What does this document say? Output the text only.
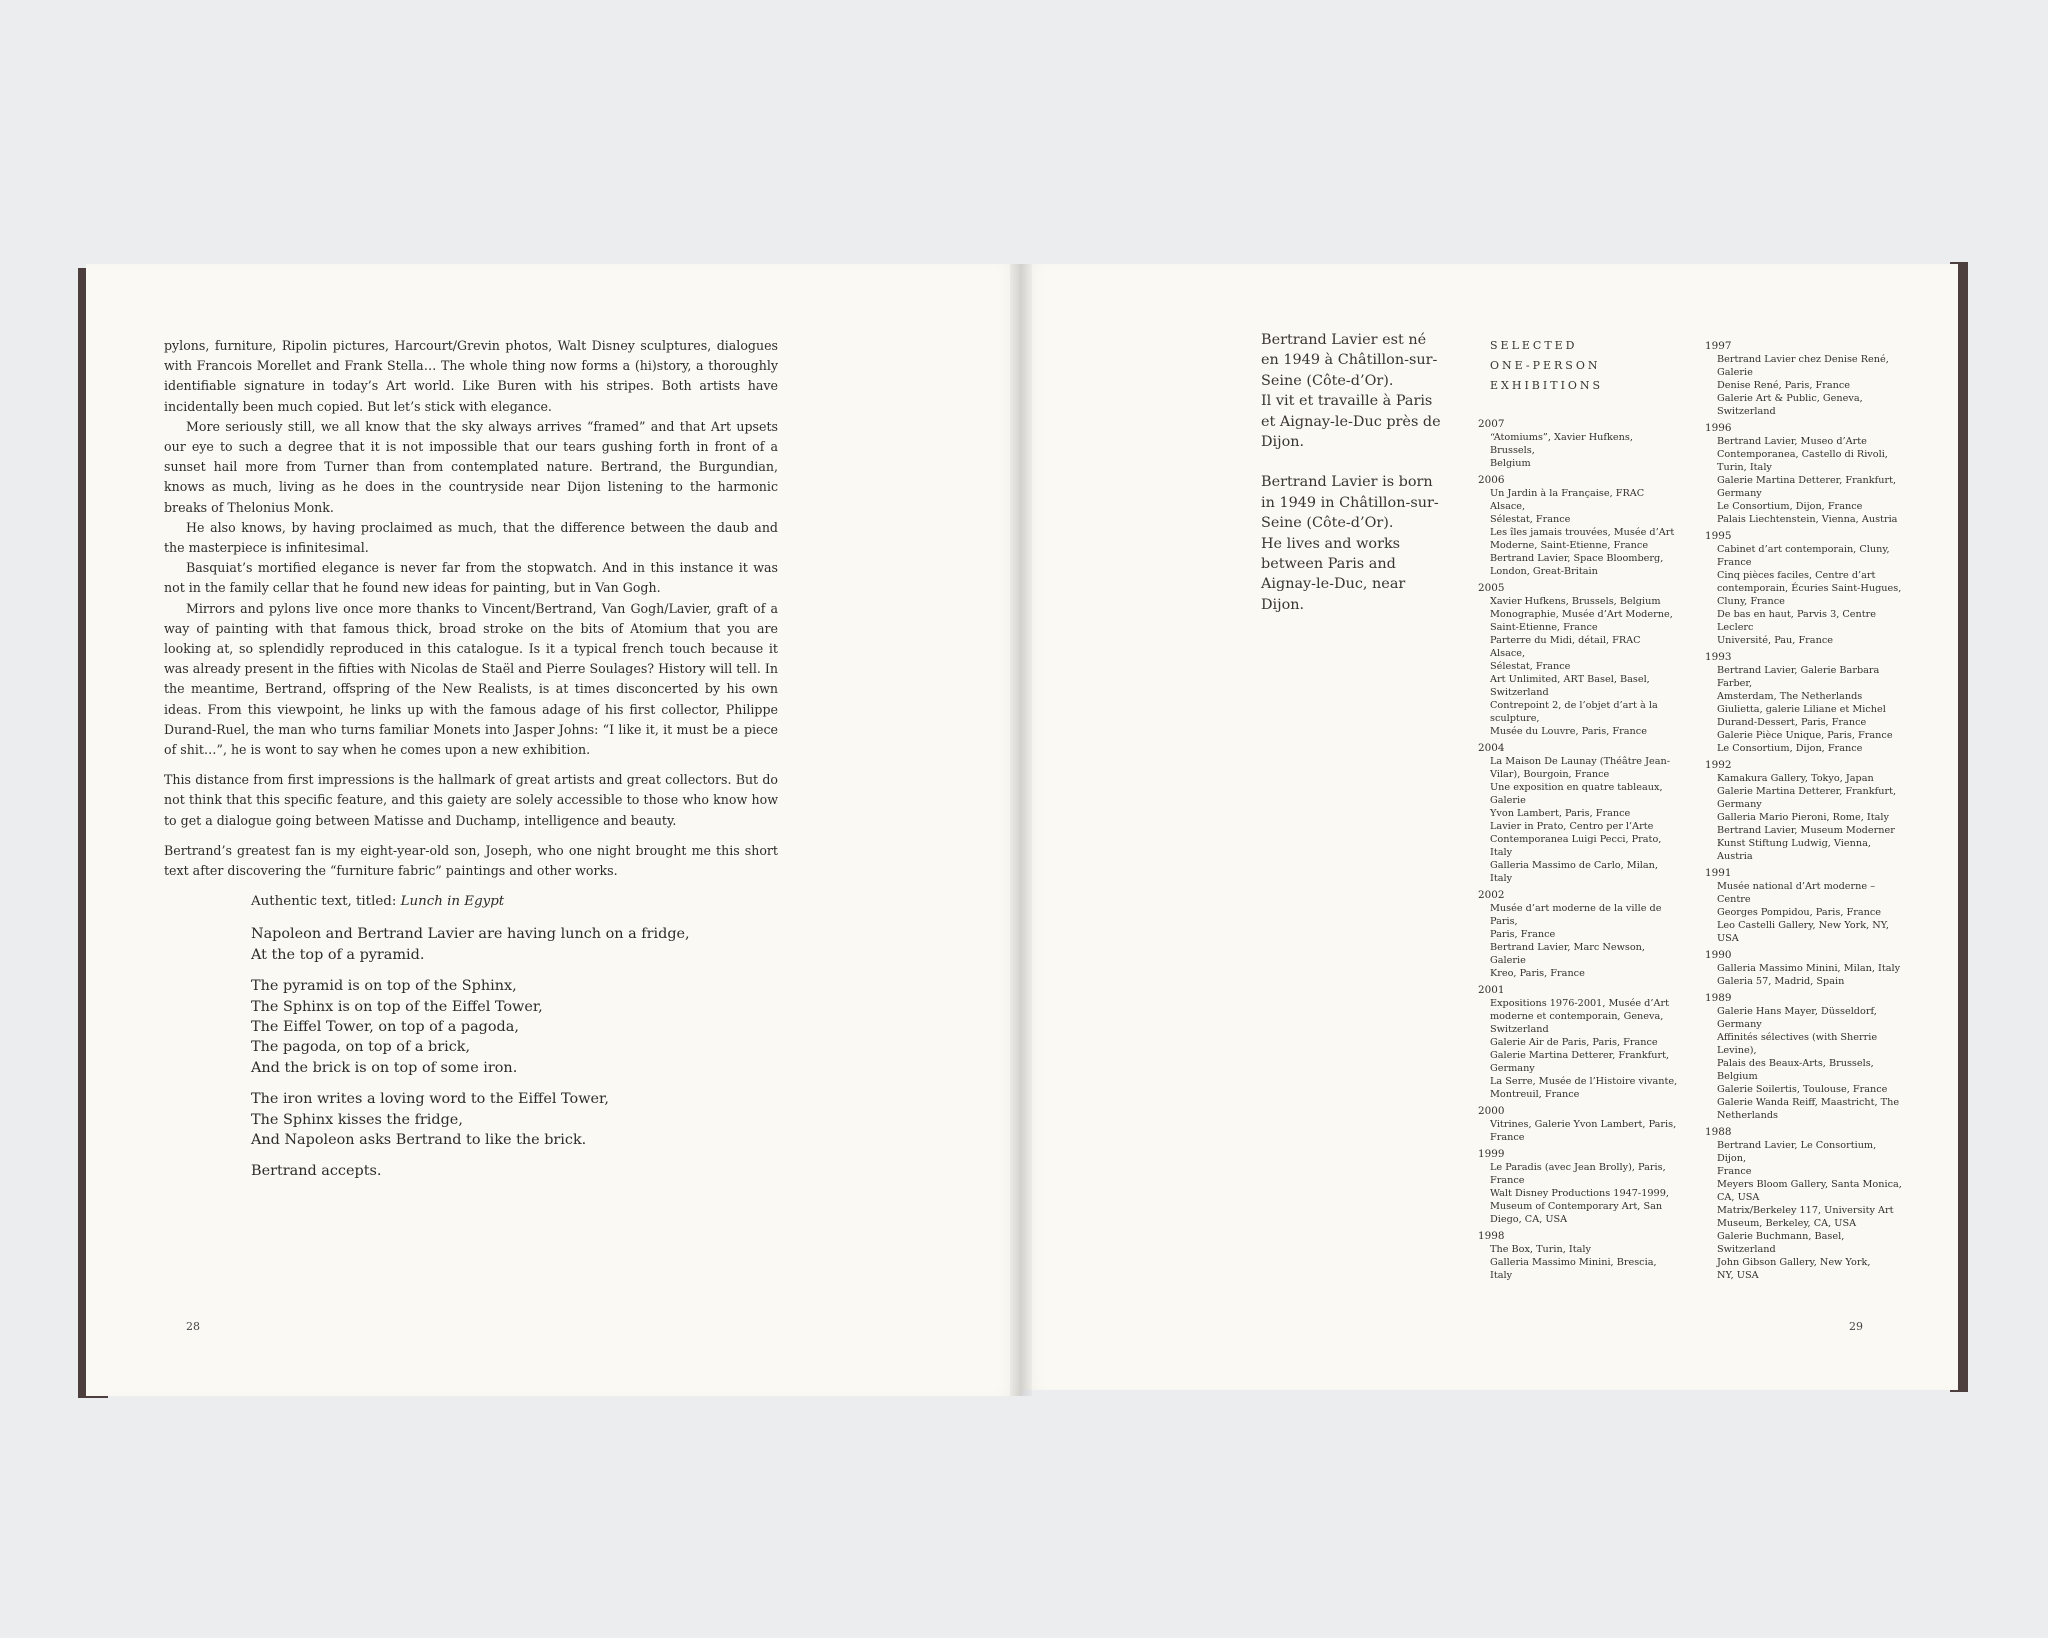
pylons, furniture, Ripolin pictures, Harcourt/Grevin photos, Walt Disney sculptures, dialogues with Francois Morellet and Frank Stella… The whole thing now forms a (hi)story, a thoroughly identifiable signature in today’s Art world. Like Buren with his stripes. Both artists have incidentally been much copied. But let’s stick with elegance.

More seriously still, we all know that the sky always arrives “framed” and that Art upsets our eye to such a degree that it is not impossible that our tears gushing forth in front of a sunset hail more from Turner than from contemplated nature. Bertrand, the Burgundian, knows as much, living as he does in the countryside near Dijon listening to the harmonic breaks of Thelonius Monk.

He also knows, by having proclaimed as much, that the difference between the daub and the masterpiece is infinitesimal.

Basquiat’s mortified elegance is never far from the stopwatch. And in this instance it was not in the family cellar that he found new ideas for painting, but in Van Gogh.

Mirrors and pylons live once more thanks to Vincent/Bertrand, Van Gogh/Lavier, graft of a way of painting with that famous thick, broad stroke on the bits of Atomium that you are looking at, so splendidly reproduced in this catalogue. Is it a typical french touch because it was already present in the fifties with Nicolas de Staël and Pierre Soulages? History will tell. In the meantime, Bertrand, offspring of the New Realists, is at times disconcerted by his own ideas. From this viewpoint, he links up with the famous adage of his first collector, Philippe Durand-Ruel, the man who turns familiar Monets into Jasper Johns: “I like it, it must be a piece of shit…”, he is wont to say when he comes upon a new exhibition.

This distance from first impressions is the hallmark of great artists and great collectors. But do not think that this specific feature, and this gaiety are solely accessible to those who know how to get a dialogue going between Matisse and Duchamp, intelligence and beauty.

Bertrand’s greatest fan is my eight-year-old son, Joseph, who one night brought me this short text after discovering the “furniture fabric” paintings and other works.

Authentic text, titled: Lunch in Egypt

Napoleon and Bertrand Lavier are having lunch on a fridge,
At the top of a pyramid.

The pyramid is on top of the Sphinx,
The Sphinx is on top of the Eiffel Tower,
The Eiffel Tower, on top of a pagoda,
The pagoda, on top of a brick,
And the brick is on top of some iron.

The iron writes a loving word to the Eiffel Tower,
The Sphinx kisses the fridge,
And Napoleon asks Bertrand to like the brick.

Bertrand accepts.

28	29

Bertrand Lavier est né
en 1949 à Châtillon-sur-
Seine (Côte-d’Or).
Il vit et travaille à Paris
et Aignay-le-Duc près de
Dijon.

Bertrand Lavier is born
in 1949 in Châtillon-sur-
Seine (Côte-d’Or).
He lives and works
between Paris and
Aignay-le-Duc, near
Dijon.

SELECTED
ONE-PERSON
EXHIBITIONS
2007
“Atomiums”, Xavier Hufkens, Brussels,
Belgium
2006
Un Jardin à la Française, FRAC Alsace,
Sélestat, France
Les îles jamais trouvées, Musée d’Art
Moderne, Saint-Etienne, France
Bertrand Lavier, Space Bloomberg,
London, Great-Britain
2005
Xavier Hufkens, Brussels, Belgium
Monographie, Musée d’Art Moderne,
Saint-Etienne, France
Parterre du Midi, détail, FRAC Alsace,
Sélestat, France
Art Unlimited, ART Basel, Basel,
Switzerland
Contrepoint 2, de l’objet d’art à la sculpture,
Musée du Louvre, Paris, France
2004
La Maison De Launay (Théâtre Jean-
Vilar), Bourgoin, France
Une exposition en quatre tableaux, Galerie
Yvon Lambert, Paris, France
Lavier in Prato, Centro per l’Arte
Contemporanea Luigi Pecci, Prato, Italy
Galleria Massimo de Carlo, Milan, Italy
2002
Musée d’art moderne de la ville de Paris,
Paris, France
Bertrand Lavier, Marc Newson, Galerie
Kreo, Paris, France
2001
Expositions 1976-2001, Musée d’Art
moderne et contemporain, Geneva,
Switzerland
Galerie Air de Paris, Paris, France
Galerie Martina Detterer, Frankfurt,
Germany
La Serre, Musée de l’Histoire vivante,
Montreuil, France
2000
Vitrines, Galerie Yvon Lambert, Paris,
France
1999
Le Paradis (avec Jean Brolly), Paris,
France
Walt Disney Productions 1947-1999,
Museum of Contemporary Art, San
Diego, CA, USA
1998
The Box, Turin, Italy
Galleria Massimo Minini, Brescia, Italy
1997
Bertrand Lavier chez Denise René, Galerie
Denise René, Paris, France
Galerie Art & Public, Geneva,
Switzerland
1996
Bertrand Lavier, Museo d’Arte
Contemporanea, Castello di Rivoli,
Turin, Italy
Galerie Martina Detterer, Frankfurt,
Germany
Le Consortium, Dijon, France
Palais Liechtenstein, Vienna, Austria
1995
Cabinet d’art contemporain, Cluny,
France
Cinq pièces faciles, Centre d’art
contemporain, Écuries Saint-Hugues,
Cluny, France
De bas en haut, Parvis 3, Centre Leclerc
Université, Pau, France
1993
Bertrand Lavier, Galerie Barbara Farber,
Amsterdam, The Netherlands
Giulietta, galerie Liliane et Michel
Durand-Dessert, Paris, France
Galerie Pièce Unique, Paris, France
Le Consortium, Dijon, France
1992
Kamakura Gallery, Tokyo, Japan
Galerie Martina Detterer, Frankfurt,
Germany
Galleria Mario Pieroni, Rome, Italy
Bertrand Lavier, Museum Moderner
Kunst Stiftung Ludwig, Vienna, Austria
1991
Musée national d’Art moderne – Centre
Georges Pompidou, Paris, France
Leo Castelli Gallery, New York, NY, USA
1990
Galleria Massimo Minini, Milan, Italy
Galeria 57, Madrid, Spain
1989
Galerie Hans Mayer, Düsseldorf,
Germany
Affinités sélectives (with Sherrie Levine),
Palais des Beaux-Arts, Brussels, Belgium
Galerie Soilertis, Toulouse, France
Galerie Wanda Reiff, Maastricht, The
Netherlands
1988
Bertrand Lavier, Le Consortium, Dijon,
France
Meyers Bloom Gallery, Santa Monica,
CA, USA
Matrix/Berkeley 117, University Art
Museum, Berkeley, CA, USA
Galerie Buchmann, Basel, Switzerland
John Gibson Gallery, New York,
NY, USA
